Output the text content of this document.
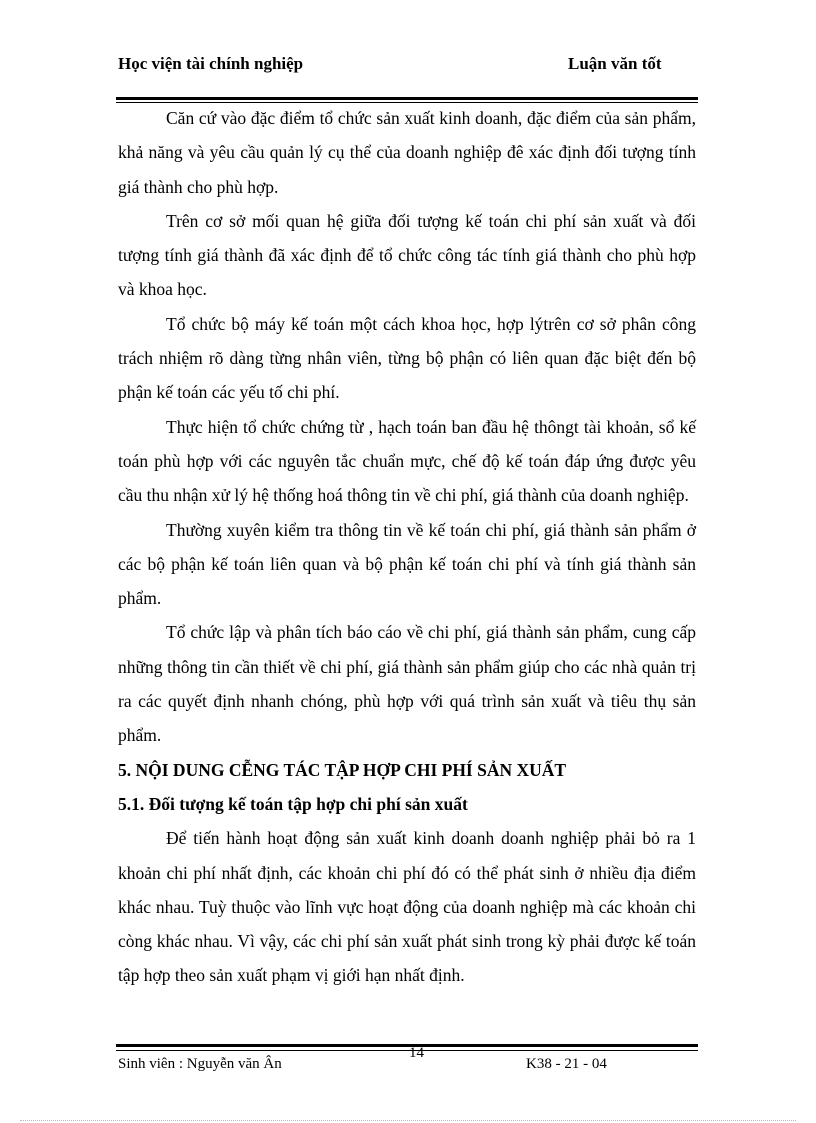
Học viện tài chính nghiệp	Luận văn tốt

Căn cứ vào đặc điểm tổ chức sản xuất kinh doanh, đặc điểm của sản phẩm, khả năng và yêu cầu quản lý cụ thể của doanh nghiệp đê xác định đối tượng tính giá thành cho phù hợp.

Trên cơ sở mối quan hệ giữa đối tượng kế toán chi phí sản xuất và đối tượng tính giá thành đã xác định để tổ chức công tác tính giá thành cho phù hợp và khoa học.

Tổ chức bộ máy kế toán một cách khoa học, hợp lýtrên cơ sở phân công trách nhiệm rõ dàng từng nhân viên, từng bộ phận có liên quan đặc biệt đến bộ phận kế toán các yếu tố chi phí.

Thực hiện tổ chức chứng từ , hạch toán ban đầu hệ thôngt tài khoản, sổ kế toán phù hợp với các nguyên tắc chuẩn mực, chế độ kế toán đáp ứng được yêu cầu thu nhận xử lý hệ thống hoá thông tin về chi phí, giá thành của doanh nghiệp.

Thường xuyên kiểm tra thông tin về kế toán chi phí, giá thành sản phẩm ở các bộ phận kế toán liên quan và bộ phận kế toán chi phí và tính giá thành sản phẩm.

Tổ chức lập và phân tích báo cáo về chi phí, giá thành sản phẩm, cung cấp những thông tin cần thiết về chi phí, giá thành sản phẩm giúp cho các nhà quản trị ra các quyết định nhanh chóng, phù hợp với quá trình sản xuất và tiêu thụ sản phẩm.

5. NỘI DUNG CỄNG TÁC TẬP HỢP CHI PHÍ SẢN XUẤT

5.1. Đối tượng kế toán tập hợp chi phí sản xuất

Để tiến hành hoạt động sản xuất kinh doanh doanh nghiệp phải bỏ ra 1 khoản chi phí nhất định, các khoản chi phí đó có thể phát sinh ở nhiều địa điểm khác nhau. Tuỳ thuộc vào lĩnh vực hoạt động của doanh nghiệp mà các khoản chi còng khác nhau. Vì vậy, các chi phí sản xuất phát sinh trong kỳ phải được kế toán tập hợp theo sản xuất phạm vị giới hạn nhất định.

Sinh viên : Nguyễn văn Ân
14
K38 - 21 - 04
